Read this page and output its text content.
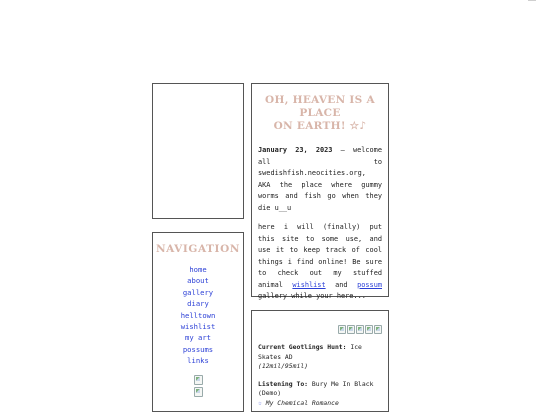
NAVIGATION
home
about
gallery
diary
helltown
wishlist
my art
possums
links
OH, HEAVEN IS A PLACE
ON EARTH! ☆♪

January 23, 2023 — welcome all to swedishfish.neocities.org, AKA the place where gummy worms and fish go when they die u__u

here i will (finally) put this site to some use, and use it to keep track of cool things i find online! Be sure to check out my stuffed animal wishlist and possum gallery while your here...

Current Geotlings Hunt: Ice Skates AD
(12mil/95mil)

Listening To: Bury Me In Black (Demo)
☆ My Chemical Romance
